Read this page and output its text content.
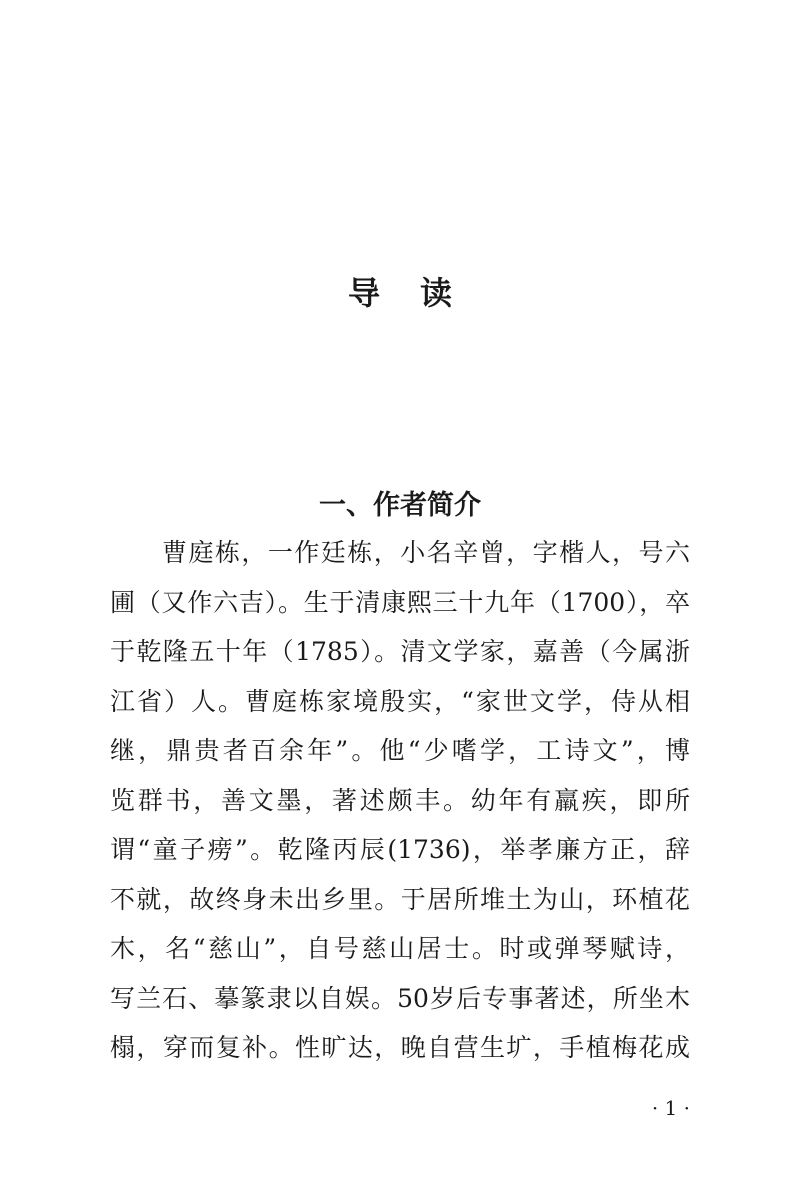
导读
一、作者简介
曹庭栋，一作廷栋，小名辛曾，字楷人，号六
圃（又作六吉）。生于清康熙三十九年（1700），卒
于乾隆五十年（1785）。清文学家，嘉善（今属浙
江省）人。曹庭栋家境殷实，“家世文学，侍从相
继，鼎贵者百余年”。他“少嗜学，工诗文”，博
览群书，善文墨，著述颇丰。幼年有羸疾，即所
谓“童子痨”。乾隆丙辰(1736)，举孝廉方正，辞
不就，故终身未出乡里。于居所堆土为山，环植花
木，名“慈山”，自号慈山居士。时或弹琴赋诗，
写兰石、摹篆隶以自娱。50岁后专事著述，所坐木
榻，穿而复补。性旷达，晚自营生圹，手植梅花成
· 1 ·
